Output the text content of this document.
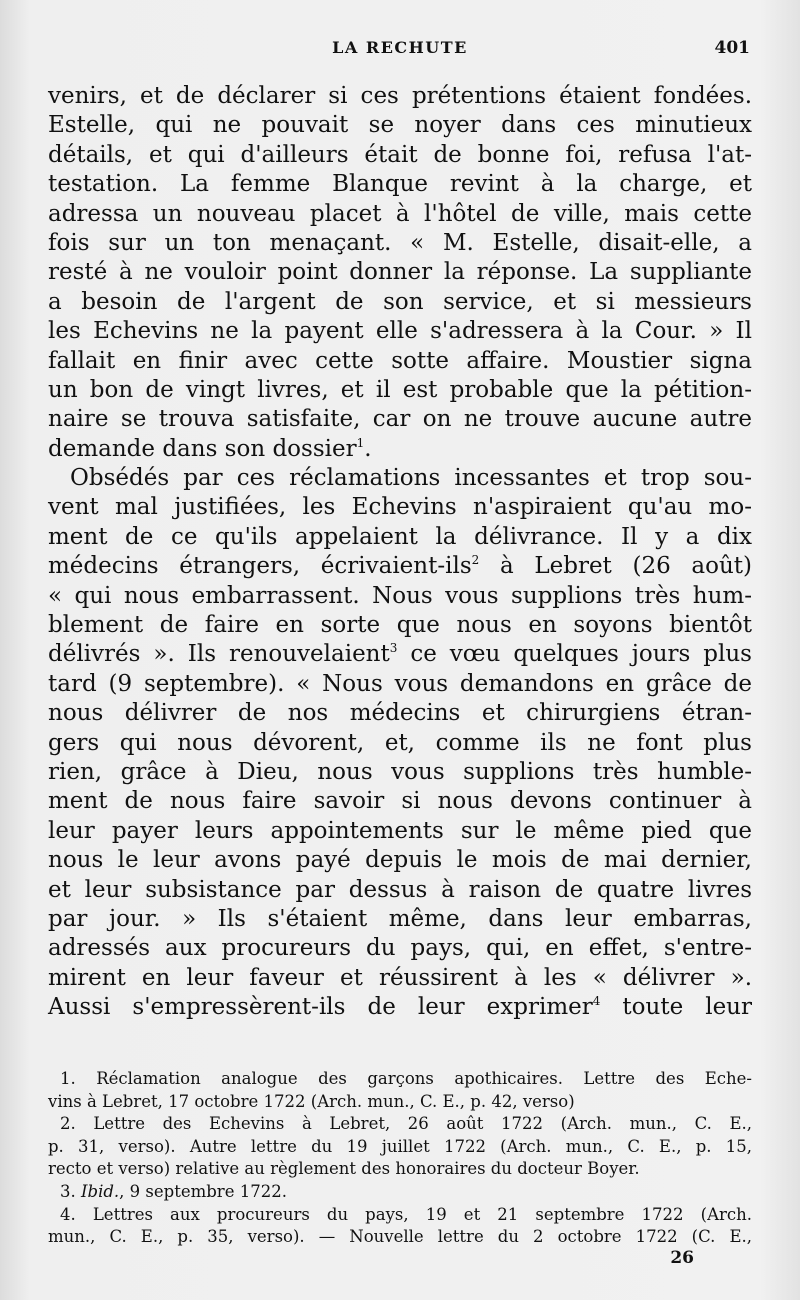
LA RECHUTE	401
venirs, et de déclarer si ces prétentions étaient fondées.
Estelle, qui ne pouvait se noyer dans ces minutieux
détails, et qui d'ailleurs était de bonne foi, refusa l'at-
testation. La femme Blanque revint à la charge, et
adressa un nouveau placet à l'hôtel de ville, mais cette
fois sur un ton menaçant. « M. Estelle, disait-elle, a
resté à ne vouloir point donner la réponse. La suppliante
a besoin de l'argent de son service, et si messieurs
les Echevins ne la payent elle s'adressera à la Cour. » Il
fallait en finir avec cette sotte affaire. Moustier signa
un bon de vingt livres, et il est probable que la pétition-
naire se trouva satisfaite, car on ne trouve aucune autre
demande dans son dossier$^1$.
Obsédés par ces réclamations incessantes et trop sou-
vent mal justifiées, les Echevins n'aspiraient qu'au mo-
ment de ce qu'ils appelaient la délivrance. Il y a dix
médecins étrangers, écrivaient-ils$^2$ à Lebret (26 août)
« qui nous embarrassent. Nous vous supplions très hum-
blement de faire en sorte que nous en soyons bientôt
délivrés ». Ils renouvelaient$^3$ ce vœu quelques jours plus
tard (9 septembre). « Nous vous demandons en grâce de
nous délivrer de nos médecins et chirurgiens étran-
gers qui nous dévorent, et, comme ils ne font plus
rien, grâce à Dieu, nous vous supplions très humble-
ment de nous faire savoir si nous devons continuer à
leur payer leurs appointements sur le même pied que
nous le leur avons payé depuis le mois de mai dernier,
et leur subsistance par dessus à raison de quatre livres
par jour. » Ils s'étaient même, dans leur embarras,
adressés aux procureurs du pays, qui, en effet, s'entre-
mirent en leur faveur et réussirent à les « délivrer ».
Aussi s'empressèrent-ils de leur exprimer$^4$ toute leur
1. Réclamation analogue des garçons apothicaires. Lettre des Eche-
vins à Lebret, 17 octobre 1722 (Arch. mun., C. E., p. 42, verso)
2. Lettre des Echevins à Lebret, 26 août 1722 (Arch. mun., C. E.,
p. 31, verso). Autre lettre du 19 juillet 1722 (Arch. mun., C. E., p. 15,
recto et verso) relative au règlement des honoraires du docteur Boyer.
3. Ibid., 9 septembre 1722.
4. Lettres aux procureurs du pays, 19 et 21 septembre 1722 (Arch.
mun., C. E., p. 35, verso). — Nouvelle lettre du 2 octobre 1722 (C. E.,
26
